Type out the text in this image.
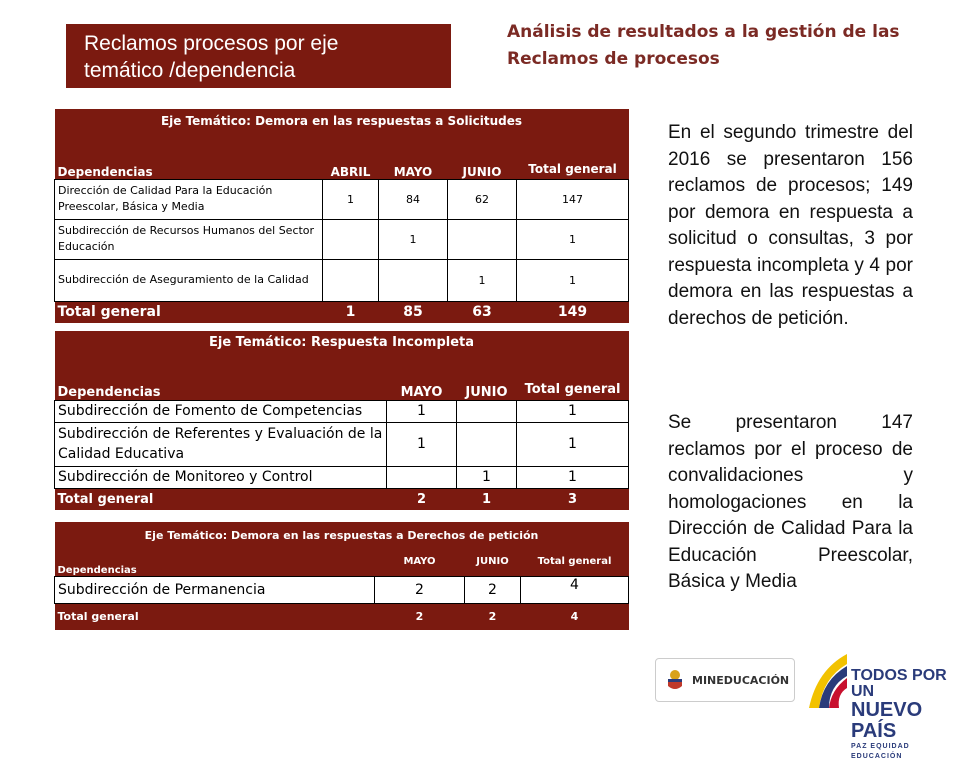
Reclamos procesos por eje
temático /dependencia
Análisis de resultados a la gestión de las
Reclamos de procesos
Eje Temático: Demora en las respuestas a Solicitudes				
Dependencias	ABRIL	MAYO	JUNIO	Total general
Dirección de Calidad Para la Educación Preescolar, Básica y Media	1	84	62	147
Subdirección de Recursos Humanos del Sector Educación		1		1
Subdirección de Aseguramiento de la Calidad			1	1
Total general	1	85	63	149
Eje Temático: Respuesta Incompleta			
Dependencias	MAYO	JUNIO	Total general
Subdirección de Fomento de Competencias	1		1
Subdirección de Referentes y Evaluación de la Calidad Educativa	1		1
Subdirección de Monitoreo y Control		1	1
Total general	2	1	3
Eje Temático: Demora en las respuestas a Derechos de petición			
Dependencias	MAYO	JUNIO	Total general
Subdirección de Permanencia	2	2	4
Total general	2	2	4
En el segundo trimestre del 2016 se presentaron 156 reclamos de procesos; 149 por demora en respuesta a solicitud o consultas, 3 por respuesta incompleta y 4 por demora en las respuestas a derechos de petición.
Se presentaron 147 reclamos por el proceso de convalidaciones y homologaciones en la Dirección de Calidad Para la Educación Preescolar, Básica y Media
MINEDUCACIÓN	TODOS POR UN
NUEVO PAÍS
PAZ EQUIDAD EDUCACIÓN
